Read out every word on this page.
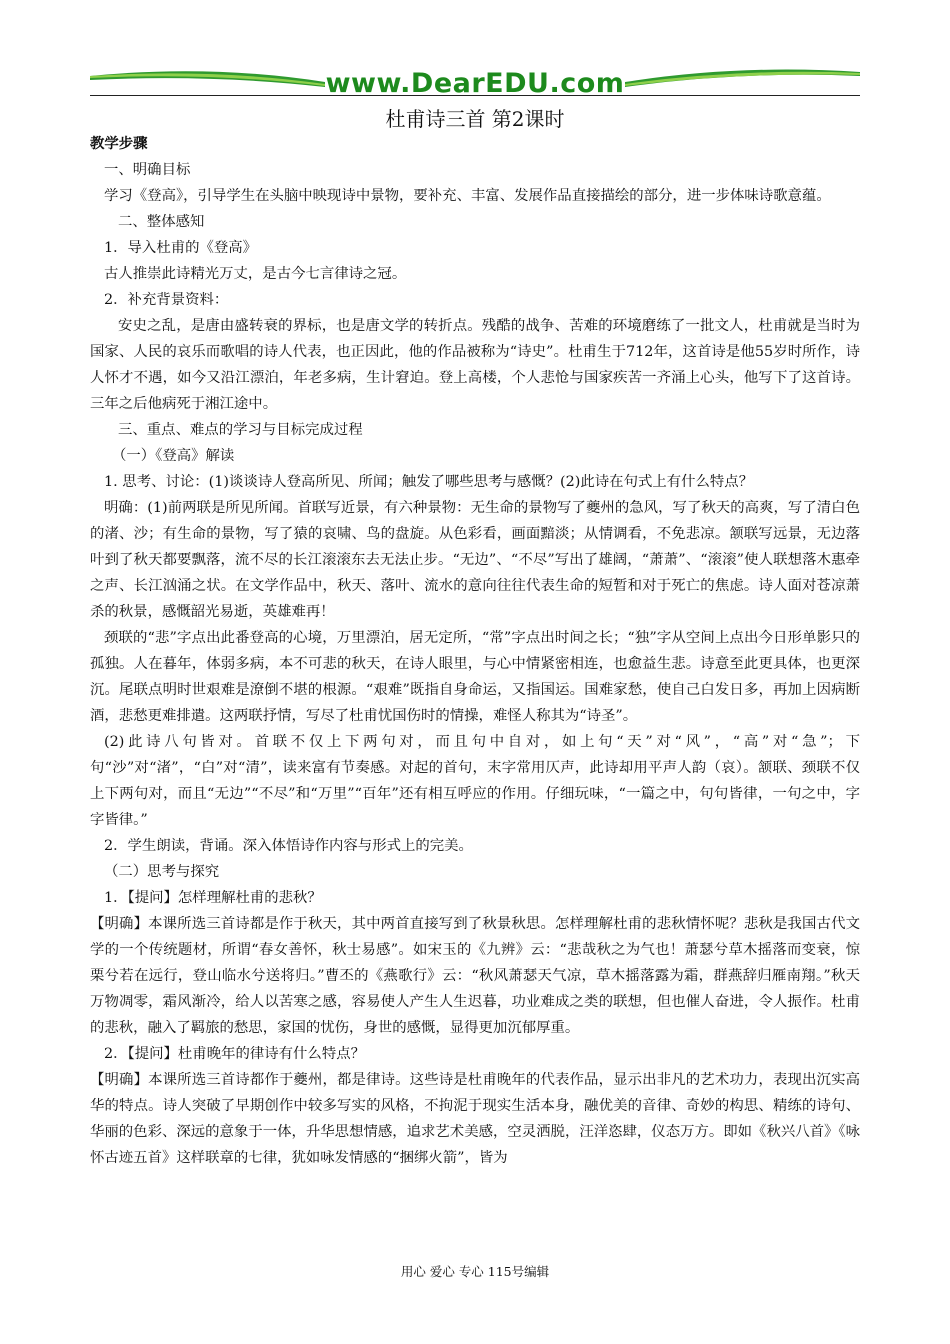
www.DearEDU.com
杜甫诗三首 第2课时

教学步骤

一、明确目标

学习《登高》，引导学生在头脑中映现诗中景物，要补充、丰富、发展作品直接描绘的部分，进一步体味诗歌意蕴。

二、整体感知

1．导入杜甫的《登高》

古人推崇此诗精光万丈，是古今七言律诗之冠。

2．补充背景资料：

安史之乱，是唐由盛转衰的界标，也是唐文学的转折点。残酷的战争、苦难的环境磨练了一批文人，杜甫就是当时为国家、人民的哀乐而歌唱的诗人代表，也正因此，他的作品被称为“诗史”。杜甫生于712年，这首诗是他55岁时所作，诗人怀才不遇，如今又沿江漂泊，年老多病，生计窘迫。登上高楼，个人悲怆与国家疾苦一齐涌上心头，他写下了这首诗。三年之后他病死于湘江途中。

三、重点、难点的学习与目标完成过程

（一）《登高》解读

1. 思考、讨论：(1)谈谈诗人登高所见、所闻；触发了哪些思考与感慨？(2)此诗在句式上有什么特点？

明确：(1)前两联是所见所闻。首联写近景，有六种景物：无生命的景物写了夔州的急风，写了秋天的高爽，写了清白色的渚、沙；有生命的景物，写了猿的哀啸、鸟的盘旋。从色彩看，画面黯淡；从情调看，不免悲凉。颔联写远景，无边落叶到了秋天都要飘落，流不尽的长江滚滚东去无法止步。“无边”、“不尽”写出了雄阔，“萧萧”、“滚滚”使人联想落木惠牵之声、长江汹涌之状。在文学作品中，秋天、落叶、流水的意向往往代表生命的短暂和对于死亡的焦虑。诗人面对苍凉萧杀的秋景，感慨韶光易逝，英雄难再！

颈联的“悲”字点出此番登高的心境，万里漂泊，居无定所，“常”字点出时间之长；“独”字从空间上点出今日形单影只的孤独。人在暮年，体弱多病，本不可悲的秋天，在诗人眼里，与心中情紧密相连，也愈益生悲。诗意至此更具体，也更深沉。尾联点明时世艰难是潦倒不堪的根源。“艰难”既指自身命运，又指国运。国难家愁，使自己白发日多，再加上因病断酒，悲愁更难排遣。这两联抒情，写尽了杜甫忧国伤时的情操，难怪人称其为“诗圣”。

(2)此诗八句皆对。首联不仅上下两句对，而且句中自对，如上句“天”对“风”，“高”对“急”；下句“沙”对“渚”，“白”对“清”，读来富有节奏感。对起的首句，末字常用仄声，此诗却用平声人韵（哀）。颔联、颈联不仅上下两句对，而且“无边”“不尽”和“万里”“百年”还有相互呼应的作用。仔细玩味，“一篇之中，句句皆律，一句之中，字字皆律。”

2．学生朗读，背诵。深入体悟诗作内容与形式上的完美。

（二）思考与探究

1．【提问】怎样理解杜甫的悲秋？

【明确】本课所选三首诗都是作于秋天，其中两首直接写到了秋景秋思。怎样理解杜甫的悲秋情怀呢？悲秋是我国古代文学的一个传统题材，所谓“春女善怀，秋士易感”。如宋玉的《九辨》云：“悲哉秋之为气也！萧瑟兮草木摇落而变衰，惊栗兮若在远行，登山临水兮送将归。”曹丕的《燕歌行》云：“秋风萧瑟天气凉，草木摇落露为霜，群燕辞归雁南翔。”秋天万物凋零，霜风渐冷，给人以苦寒之感，容易使人产生人生迟暮，功业难成之类的联想，但也催人奋进，令人振作。杜甫的悲秋，融入了羁旅的愁思，家国的忧伤，身世的感慨，显得更加沉郁厚重。

2．【提问】杜甫晚年的律诗有什么特点？

【明确】本课所选三首诗都作于夔州，都是律诗。这些诗是杜甫晚年的代表作品，显示出非凡的艺术功力，表现出沉实高华的特点。诗人突破了早期创作中较多写实的风格，不拘泥于现实生活本身，融优美的音律、奇妙的构思、精练的诗句、华丽的色彩、深远的意象于一体，升华思想情感，追求艺术美感，空灵洒脱，汪洋恣肆，仪态万方。即如《秋兴八首》《咏怀古迹五首》这样联章的七律，犹如咏发情感的“捆绑火箭”，皆为

用心 爱心 专心 115号编辑
